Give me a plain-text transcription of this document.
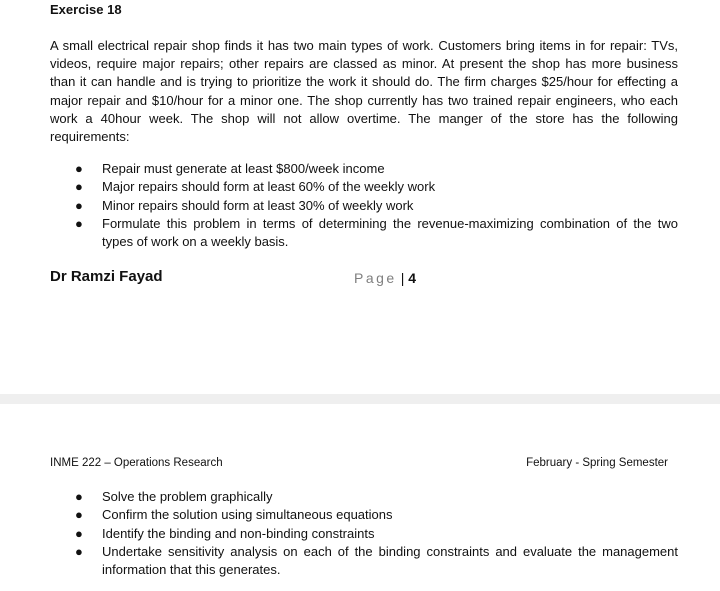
Exercise 18
A small electrical repair shop finds it has two main types of work. Customers bring items in for repair: TVs, videos, require major repairs; other repairs are classed as minor. At present the shop has more business than it can handle and is trying to prioritize the work it should do. The firm charges $25/hour for effecting a major repair and $10/hour for a minor one. The shop currently has two trained repair engineers, who each work a 40hour week. The shop will not allow overtime. The manger of the store has the following requirements:
● Repair must generate at least $800/week income
● Major repairs should form at least 60% of the weekly work
● Minor repairs should form at least 30% of weekly work
● Formulate this problem in terms of determining the revenue-maximizing combination of the two types of work on a weekly basis.
Dr Ramzi Fayad	Page | 4
INME 222 – Operations Research	February - Spring Semester
● Solve the problem graphically
● Confirm the solution using simultaneous equations
● Identify the binding and non-binding constraints
● Undertake sensitivity analysis on each of the binding constraints and evaluate the management information that this generates.
